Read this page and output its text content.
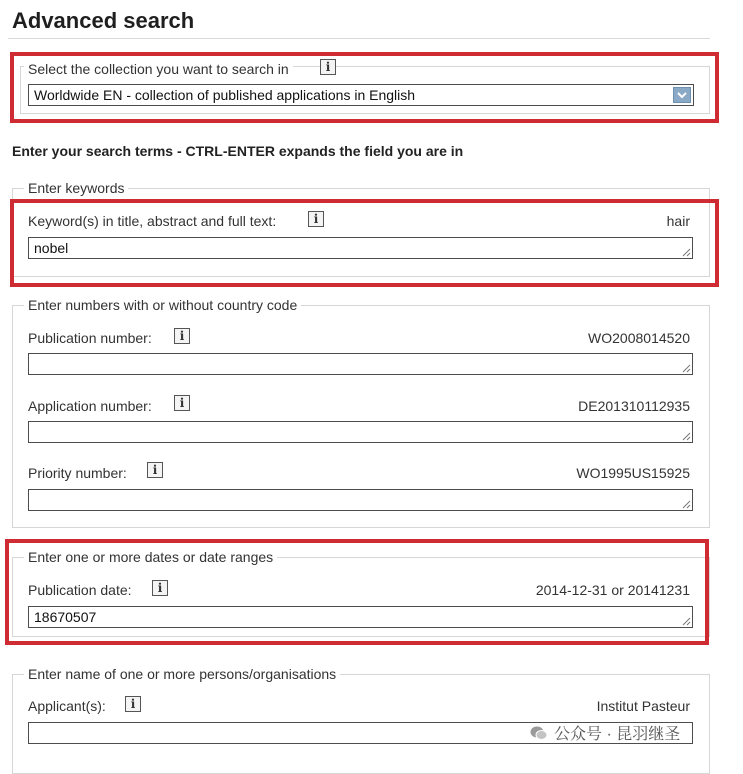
Advanced search
Select the collection you want to search in	i
Worldwide EN - collection of published applications in English
Enter your search terms - CTRL-ENTER expands the field you are in
Enter keywords
Keyword(s) in title, abstract and full text:	i	hair
nobel
Enter numbers with or without country code
Publication number:	i	WO2008014520
Application number:	i	DE201310112935
Priority number:	i	WO1995US15925
Enter one or more dates or date ranges
Publication date:	i	2014-12-31 or 20141231
18670507
Enter name of one or more persons/organisations
Applicant(s):	i	Institut Pasteur
公众号 · 昆羽继圣
